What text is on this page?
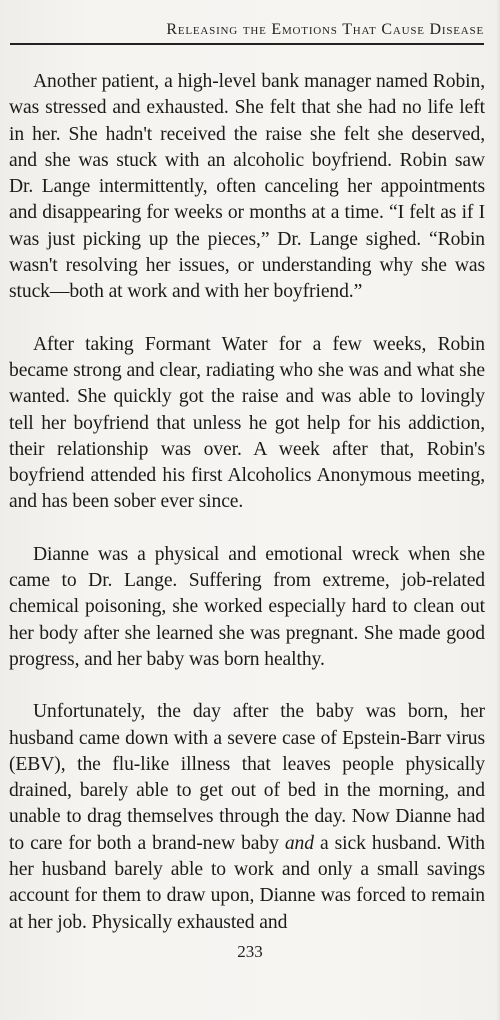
Releasing the Emotions That Cause Disease

Another patient, a high-level bank manager named Robin, was stressed and exhausted. She felt that she had no life left in her. She hadn't received the raise she felt she deserved, and she was stuck with an alcoholic boyfriend. Robin saw Dr. Lange intermittently, often canceling her appointments and disappearing for weeks or months at a time. “I felt as if I was just picking up the pieces,” Dr. Lange sighed. “Robin wasn't resolving her issues, or understanding why she was stuck—both at work and with her boyfriend.”

After taking Formant Water for a few weeks, Robin became strong and clear, radiating who she was and what she wanted. She quickly got the raise and was able to lovingly tell her boyfriend that unless he got help for his addiction, their relationship was over. A week after that, Robin's boyfriend attended his first Alcoholics Anonymous meeting, and has been sober ever since.

Dianne was a physical and emotional wreck when she came to Dr. Lange. Suffering from extreme, job-related chemical poisoning, she worked especially hard to clean out her body after she learned she was pregnant. She made good progress, and her baby was born healthy.

Unfortunately, the day after the baby was born, her husband came down with a severe case of Epstein-Barr virus (EBV), the flu-like illness that leaves people physically drained, barely able to get out of bed in the morning, and unable to drag themselves through the day. Now Dianne had to care for both a brand-new baby and a sick husband. With her husband barely able to work and only a small savings account for them to draw upon, Dianne was forced to remain at her job. Physically exhausted and

233
